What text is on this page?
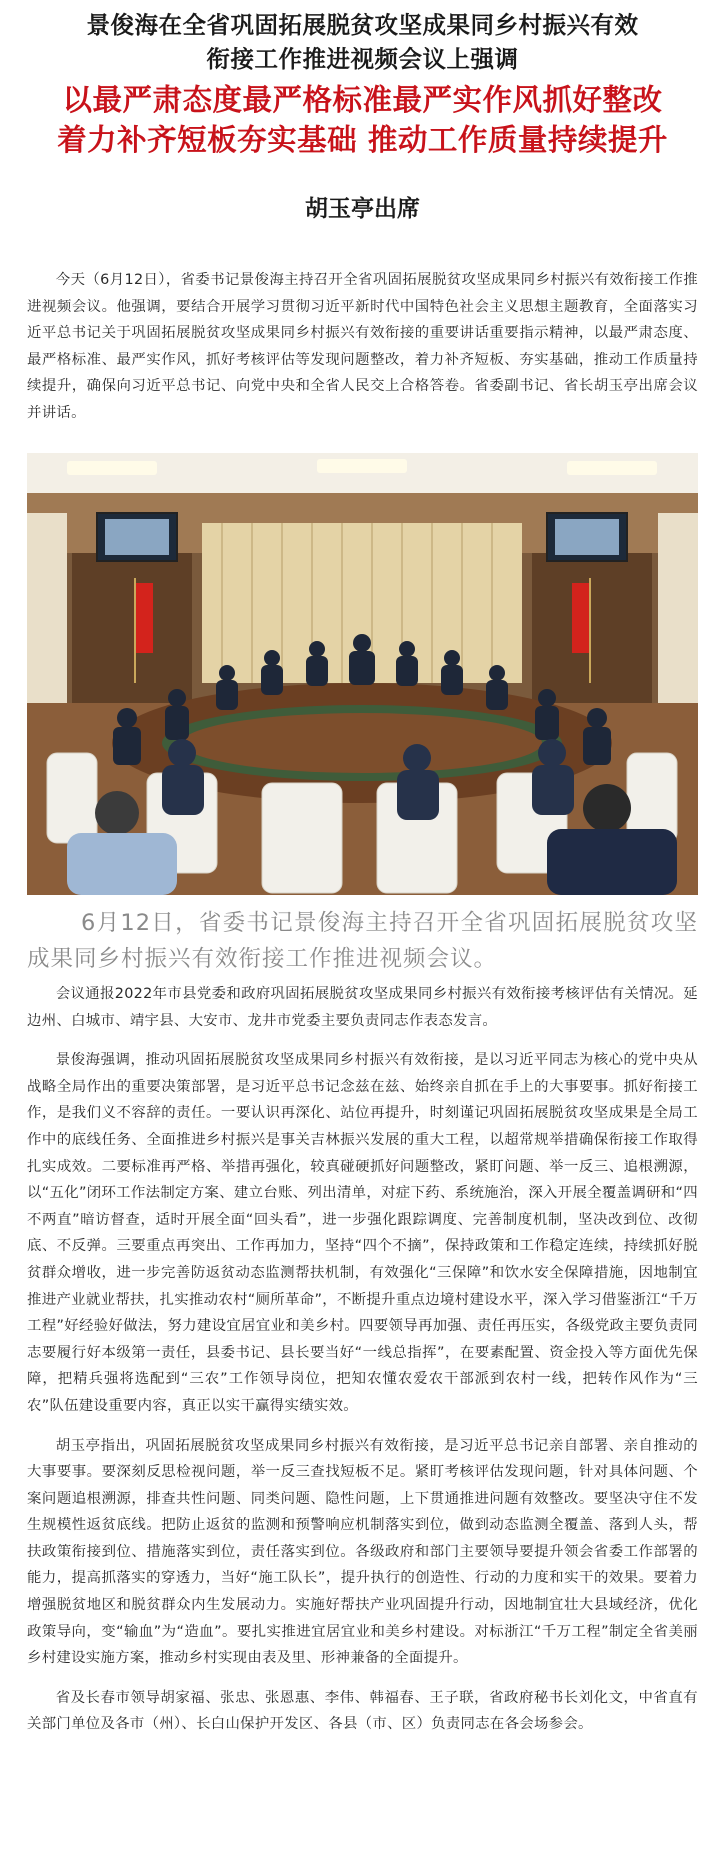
景俊海在全省巩固拓展脱贫攻坚成果同乡村振兴有效
衔接工作推进视频会议上强调
以最严肃态度最严格标准最严实作风抓好整改
着力补齐短板夯实基础 推动工作质量持续提升
胡玉亭出席

今天（6月12日），省委书记景俊海主持召开全省巩固拓展脱贫攻坚成果同乡村振兴有效衔接工作推进视频会议。他强调，要结合开展学习贯彻习近平新时代中国特色社会主义思想主题教育，全面落实习近平总书记关于巩固拓展脱贫攻坚成果同乡村振兴有效衔接的重要讲话重要指示精神，以最严肃态度、最严格标准、最严实作风，抓好考核评估等发现问题整改，着力补齐短板、夯实基础，推动工作质量持续提升，确保向习近平总书记、向党中央和全省人民交上合格答卷。省委副书记、省长胡玉亭出席会议并讲话。

6月12日，省委书记景俊海主持召开全省巩固拓展脱贫攻坚成果同乡村振兴有效衔接工作推进视频会议。

会议通报2022年市县党委和政府巩固拓展脱贫攻坚成果同乡村振兴有效衔接考核评估有关情况。延边州、白城市、靖宇县、大安市、龙井市党委主要负责同志作表态发言。

景俊海强调，推动巩固拓展脱贫攻坚成果同乡村振兴有效衔接，是以习近平同志为核心的党中央从战略全局作出的重要决策部署，是习近平总书记念兹在兹、始终亲自抓在手上的大事要事。抓好衔接工作，是我们义不容辞的责任。一要认识再深化、站位再提升，时刻谨记巩固拓展脱贫攻坚成果是全局工作中的底线任务、全面推进乡村振兴是事关吉林振兴发展的重大工程，以超常规举措确保衔接工作取得扎实成效。二要标准再严格、举措再强化，较真碰硬抓好问题整改，紧盯问题、举一反三、追根溯源，以“五化”闭环工作法制定方案、建立台账、列出清单，对症下药、系统施治，深入开展全覆盖调研和“四不两直”暗访督查，适时开展全面“回头看”，进一步强化跟踪调度、完善制度机制，坚决改到位、改彻底、不反弹。三要重点再突出、工作再加力，坚持“四个不摘”，保持政策和工作稳定连续，持续抓好脱贫群众增收，进一步完善防返贫动态监测帮扶机制，有效强化“三保障”和饮水安全保障措施，因地制宜推进产业就业帮扶，扎实推动农村“厕所革命”，不断提升重点边境村建设水平，深入学习借鉴浙江“千万工程”好经验好做法，努力建设宜居宜业和美乡村。四要领导再加强、责任再压实，各级党政主要负责同志要履行好本级第一责任，县委书记、县长要当好“一线总指挥”，在要素配置、资金投入等方面优先保障，把精兵强将选配到“三农”工作领导岗位，把知农懂农爱农干部派到农村一线，把转作风作为“三农”队伍建设重要内容，真正以实干赢得实绩实效。

胡玉亭指出，巩固拓展脱贫攻坚成果同乡村振兴有效衔接，是习近平总书记亲自部署、亲自推动的大事要事。要深刻反思检视问题，举一反三查找短板不足。紧盯考核评估发现问题，针对具体问题、个案问题追根溯源，排查共性问题、同类问题、隐性问题，上下贯通推进问题有效整改。要坚决守住不发生规模性返贫底线。把防止返贫的监测和预警响应机制落实到位，做到动态监测全覆盖、落到人头，帮扶政策衔接到位、措施落实到位，责任落实到位。各级政府和部门主要领导要提升领会省委工作部署的能力，提高抓落实的穿透力，当好“施工队长”，提升执行的创造性、行动的力度和实干的效果。要着力增强脱贫地区和脱贫群众内生发展动力。实施好帮扶产业巩固提升行动，因地制宜壮大县域经济，优化政策导向，变“输血”为“造血”。要扎实推进宜居宜业和美乡村建设。对标浙江“千万工程”制定全省美丽乡村建设实施方案，推动乡村实现由表及里、形神兼备的全面提升。

省及长春市领导胡家福、张忠、张恩惠、李伟、韩福春、王子联，省政府秘书长刘化文，中省直有关部门单位及各市（州）、长白山保护开发区、各县（市、区）负责同志在各会场参会。
